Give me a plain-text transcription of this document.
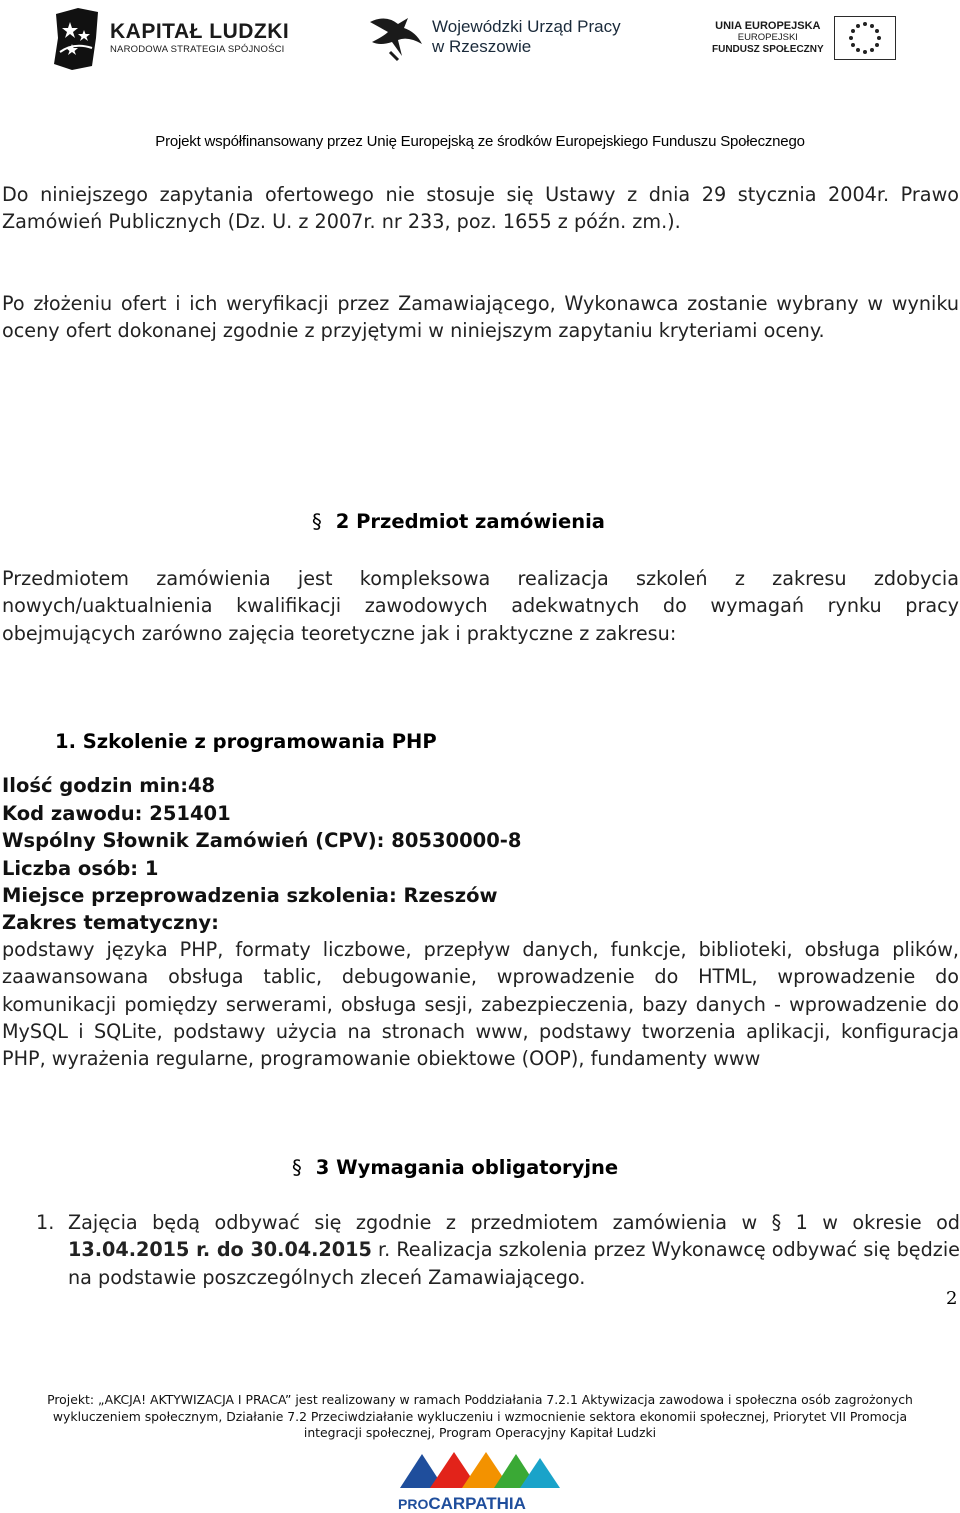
KAPITAŁ LUDZKI
NARODOWA STRATEGIA SPÓJNOŚCI
Wojewódzki Urząd Pracy
w Rzeszowie
UNIA EUROPEJSKA
EUROPEJSKI
FUNDUSZ SPOŁECZNY
Projekt współfinansowany przez Unię Europejską ze środków Europejskiego Funduszu Społecznego
Do niniejszego zapytania ofertowego nie stosuje się Ustawy z dnia 29 stycznia 2004r. Prawo Zamówień Publicznych (Dz. U. z 2007r. nr 233, poz. 1655 z późn. zm.).
Po złożeniu ofert i ich weryfikacji przez Zamawiającego, Wykonawca zostanie wybrany w wyniku oceny ofert dokonanej zgodnie z przyjętymi w niniejszym zapytaniu kryteriami oceny.
§ 2 Przedmiot zamówienia
Przedmiotem zamówienia jest kompleksowa realizacja szkoleń z zakresu zdobycia nowych/uaktualnienia kwalifikacji zawodowych adekwatnych do wymagań rynku pracy obejmujących zarówno zajęcia teoretyczne jak i praktyczne z zakresu:
1. Szkolenie z programowania PHP
Ilość godzin min:48
Kod zawodu: 251401
Wspólny Słownik Zamówień (CPV): 80530000-8
Liczba osób: 1
Miejsce przeprowadzenia szkolenia: Rzeszów
Zakres tematyczny:
podstawy języka PHP, formaty liczbowe, przepływ danych, funkcje, biblioteki, obsługa plików, zaawansowana obsługa tablic, debugowanie, wprowadzenie do HTML, wprowadzenie do komunikacji pomiędzy serwerami, obsługa sesji, zabezpieczenia, bazy danych - wprowadzenie do MySQL i SQLite, podstawy użycia na stronach www, podstawy tworzenia aplikacji, konfiguracja PHP, wyrażenia regularne, programowanie obiektowe (OOP), fundamenty www
§ 3 Wymagania obligatoryjne
1. Zajęcia będą odbywać się zgodnie z przedmiotem zamówienia w § 1 w okresie od 13.04.2015 r. do 30.04.2015 r. Realizacja szkolenia przez Wykonawcę odbywać się będzie na podstawie poszczególnych zleceń Zamawiającego.
2
Projekt: „AKCJA! AKTYWIZACJA I PRACA” jest realizowany w ramach Poddziałania 7.2.1 Aktywizacja zawodowa i społeczna osób zagrożonych
wykluczeniem społecznym, Działanie 7.2 Przeciwdziałanie wykluczeniu i wzmocnienie sektora ekonomii społecznej, Priorytet VII Promocja
integracji społecznej, Program Operacyjny Kapitał Ludzki
PROCARPATHIA
